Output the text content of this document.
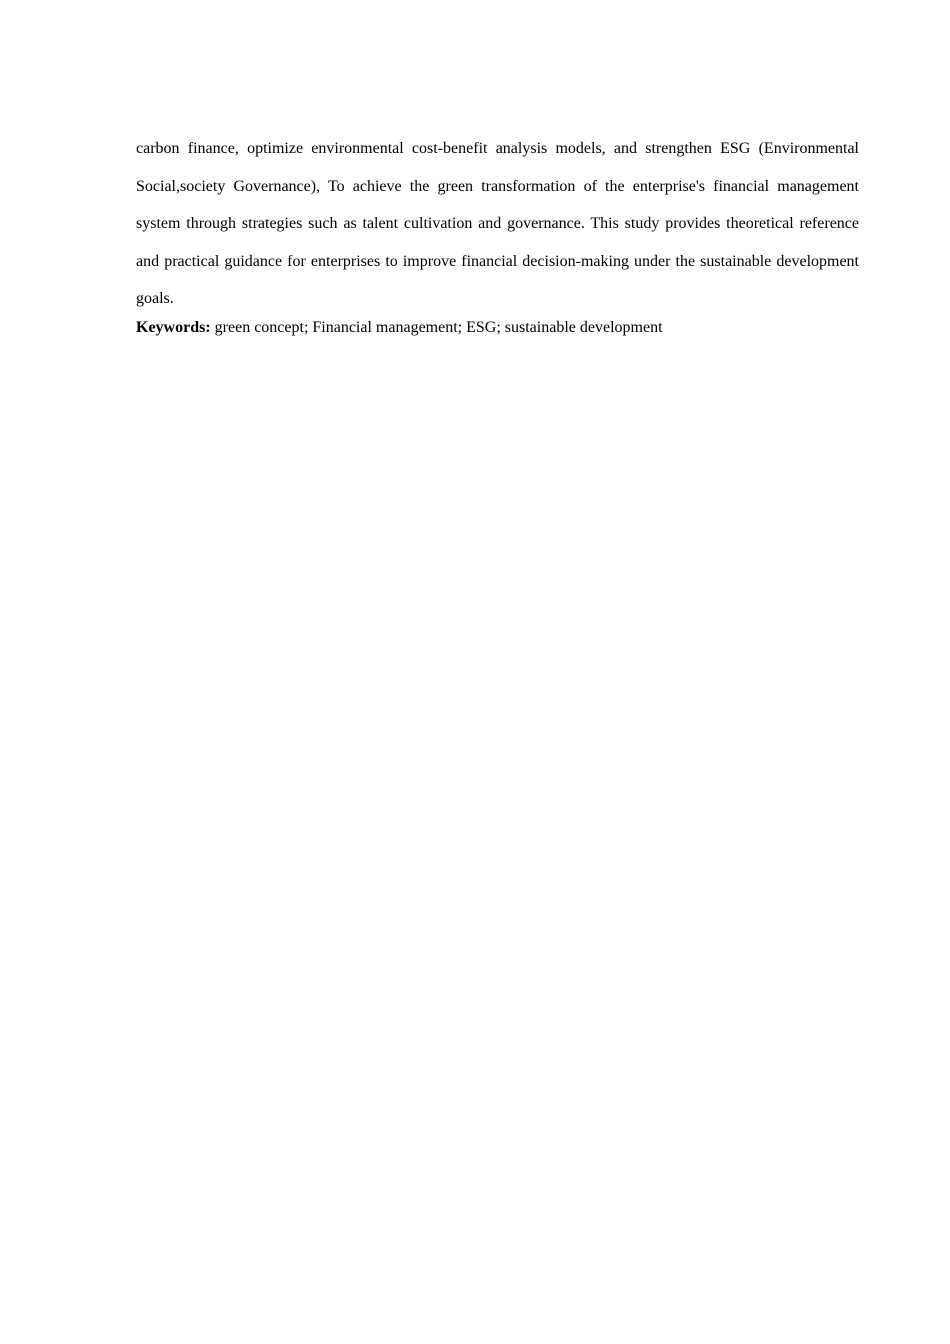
carbon finance, optimize environmental cost-benefit analysis models, and strengthen ESG (Environmental Social,society Governance), To achieve the green transformation of the enterprise's financial management system through strategies such as talent cultivation and governance. This study provides theoretical reference and practical guidance for enterprises to improve financial decision-making under the sustainable development goals.

Keywords: green concept; Financial management; ESG; sustainable development
